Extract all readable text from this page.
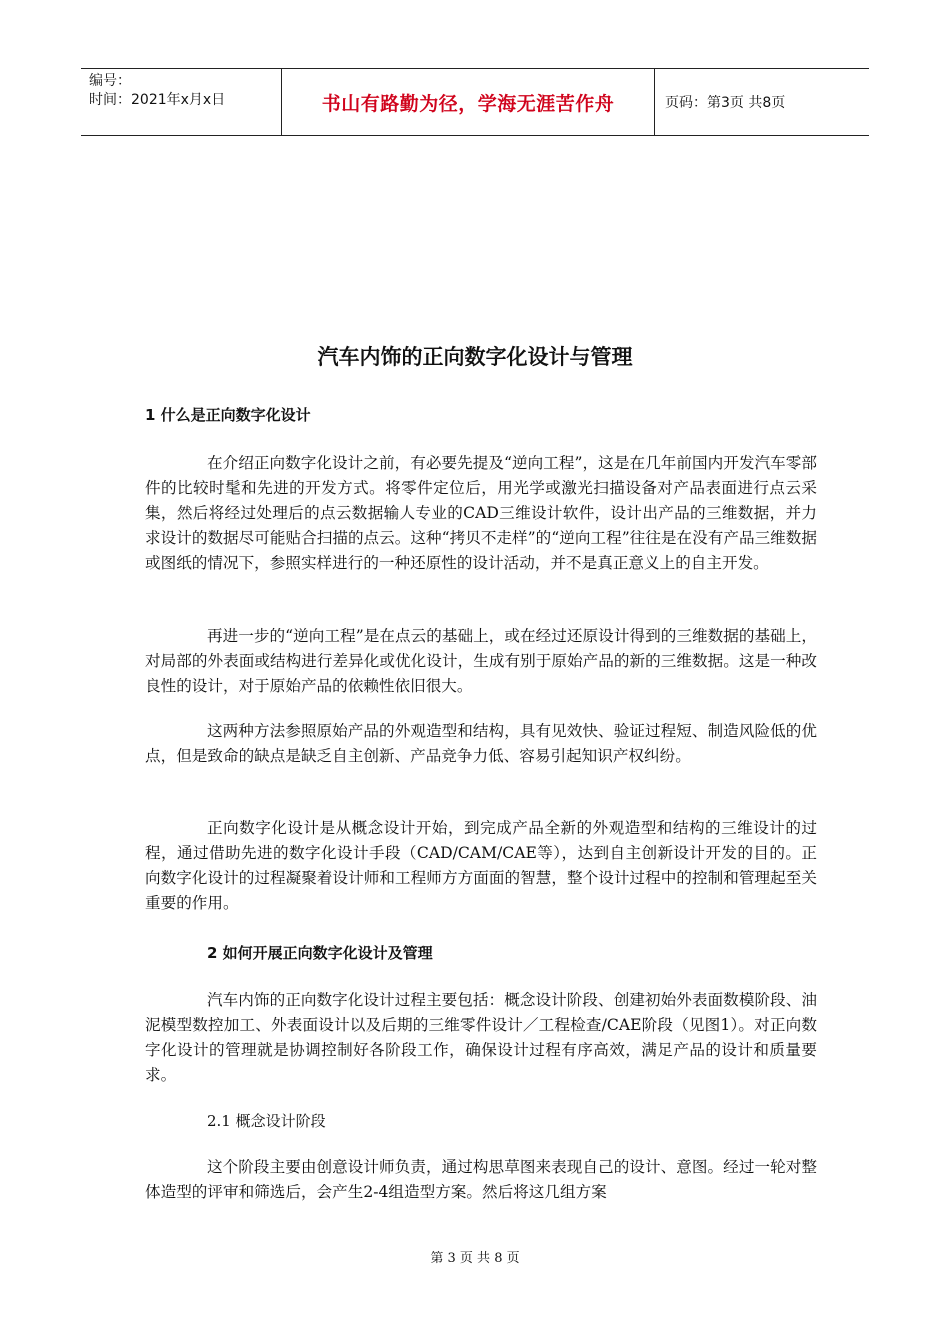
编号：
时间：2021年x月x日	书山有路勤为径，学海无涯苦作舟	页码：第3页 共8页
汽车内饰的正向数字化设计与管理
1 什么是正向数字化设计

在介绍正向数字化设计之前，有必要先提及“逆向工程”，这是在几年前国内开发汽车零部件的比较时髦和先进的开发方式。将零件定位后，用光学或激光扫描设备对产品表面进行点云采集，然后将经过处理后的点云数据输人专业的CAD三维设计软件，设计出产品的三维数据，并力求设计的数据尽可能贴合扫描的点云。这种“拷贝不走样”的“逆向工程”往往是在没有产品三维数据或图纸的情况下，参照实样进行的一种还原性的设计活动，并不是真正意义上的自主开发。

再进一步的“逆向工程”是在点云的基础上，或在经过还原设计得到的三维数据的基础上，对局部的外表面或结构进行差异化或优化设计，生成有别于原始产品的新的三维数据。这是一种改良性的设计，对于原始产品的依赖性依旧很大。

这两种方法参照原始产品的外观造型和结构，具有见效快、验证过程短、制造风险低的优点，但是致命的缺点是缺乏自主创新、产品竞争力低、容易引起知识产权纠纷。

正向数字化设计是从概念设计开始，到完成产品全新的外观造型和结构的三维设计的过程，通过借助先进的数字化设计手段（CAD/CAM/CAE等），达到自主创新设计开发的目的。正向数字化设计的过程凝聚着设计师和工程师方方面面的智慧，整个设计过程中的控制和管理起至关重要的作用。

2 如何开展正向数字化设计及管理

汽车内饰的正向数字化设计过程主要包括：概念设计阶段、创建初始外表面数模阶段、油泥模型数控加工、外表面设计以及后期的三维零件设计／工程检查/CAE阶段（见图1）。对正向数字化设计的管理就是协调控制好各阶段工作，确保设计过程有序高效，满足产品的设计和质量要求。

2.1 概念设计阶段

这个阶段主要由创意设计师负责，通过构思草图来表现自己的设计、意图。经过一轮对整体造型的评审和筛选后，会产生2-4组造型方案。然后将这几组方案

第 3 页 共 8 页
